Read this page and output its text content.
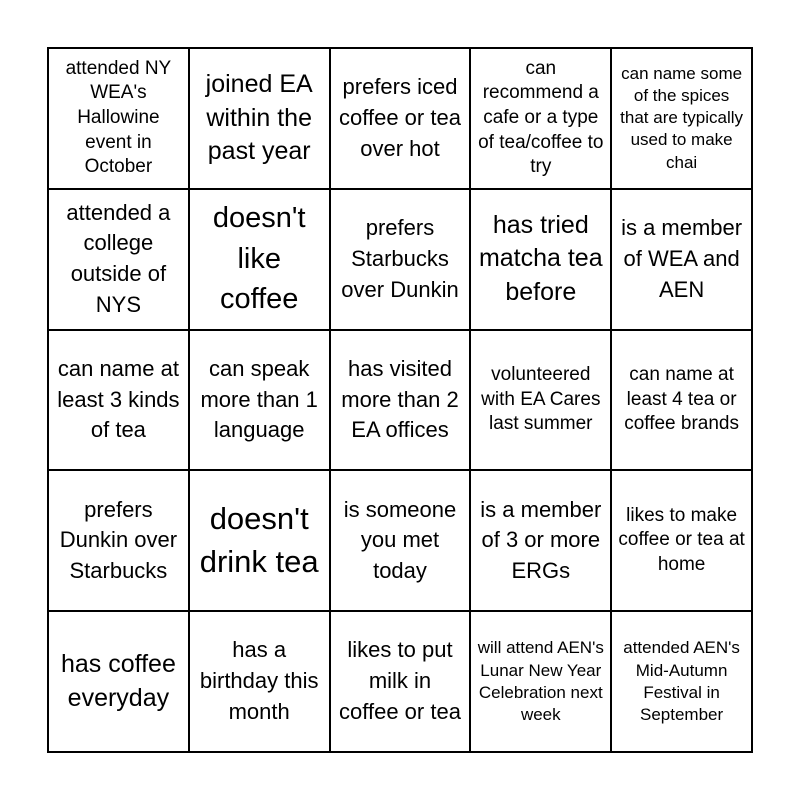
attended NY WEA's Hallowine event in October
joined EA within the past year
prefers iced coffee or tea over hot
can recommend a cafe or a type of tea/coffee to try
can name some of the spices that are typically used to make chai
attended a college outside of NYS
doesn't like coffee
prefers Starbucks over Dunkin
has tried matcha tea before
is a member of WEA and AEN
can name at least 3 kinds of tea
can speak more than 1 language
has visited more than 2 EA offices
volunteered with EA Cares last summer
can name at least 4 tea or coffee brands
prefers Dunkin over Starbucks
doesn't drink tea
is someone you met today
is a member of 3 or more ERGs
likes to make coffee or tea at home
has coffee everyday
has a birthday this month
likes to put milk in coffee or tea
will attend AEN's Lunar New Year Celebration next week
attended AEN's Mid-Autumn Festival in September
